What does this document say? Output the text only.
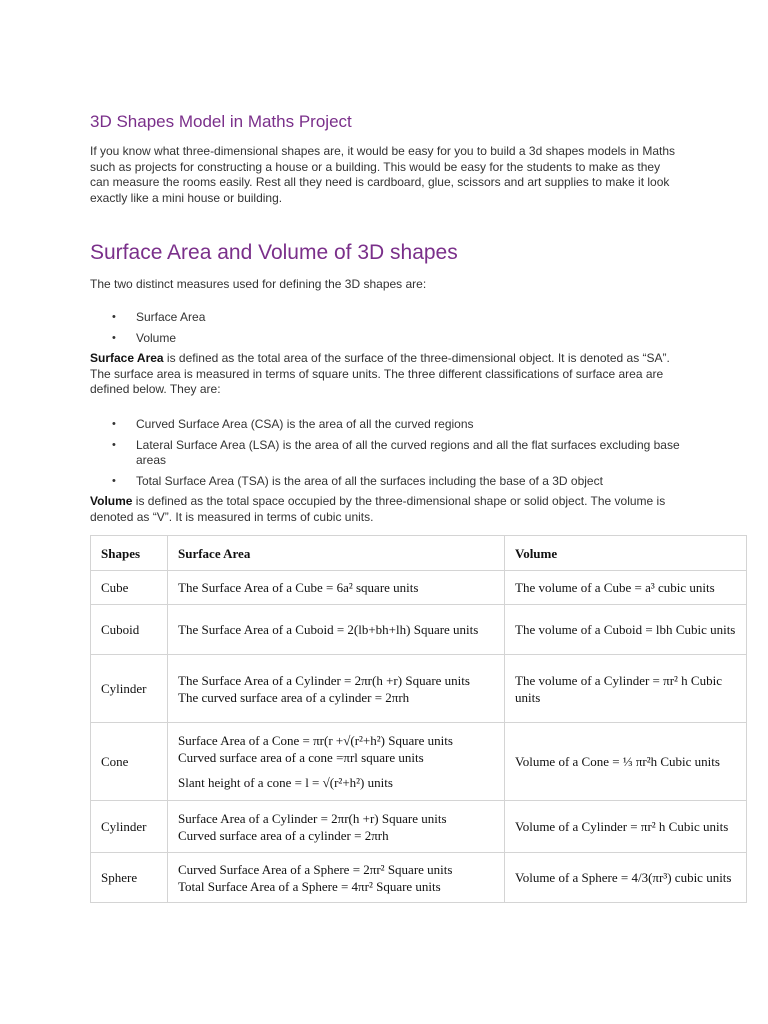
3D Shapes Model in Maths Project

If you know what three-dimensional shapes are, it would be easy for you to build a 3d shapes models in Maths such as projects for constructing a house or a building. This would be easy for the students to make as they can measure the rooms easily. Rest all they need is cardboard, glue, scissors and art supplies to make it look exactly like a mini house or building.

Surface Area and Volume of 3D shapes

The two distinct measures used for defining the 3D shapes are:

• Surface Area
• Volume

Surface Area is defined as the total area of the surface of the three-dimensional object. It is denoted as “SA”. The surface area is measured in terms of square units. The three different classifications of surface area are defined below. They are:

• Curved Surface Area (CSA) is the area of all the curved regions
• Lateral Surface Area (LSA) is the area of all the curved regions and all the flat surfaces excluding base areas
• Total Surface Area (TSA) is the area of all the surfaces including the base of a 3D object

Volume is defined as the total space occupied by the three-dimensional shape or solid object. The volume is denoted as “V”. It is measured in terms of cubic units.

Shapes	Surface Area	Volume
Cube	The Surface Area of a Cube = 6a² square units	The volume of a Cube = a³ cubic units
Cuboid	The Surface Area of a Cuboid = 2(lb+bh+lh) Square units	The volume of a Cuboid = lbh Cubic units
Cylinder	The Surface Area of a Cylinder = 2πr(h +r) Square units
The curved surface area of a cylinder = 2πrh	The volume of a Cylinder = πr² h Cubic units
Cone	Surface Area of a Cone = πr(r +√(r²+h²) Square units
Curved surface area of a cone =πrl square units
Slant height of a cone = l = √(r²+h²) units	Volume of a Cone = ⅓ πr²h Cubic units
Cylinder	Surface Area of a Cylinder = 2πr(h +r) Square units
Curved surface area of a cylinder = 2πrh	Volume of a Cylinder = πr² h Cubic units
Sphere	Curved Surface Area of a Sphere = 2πr² Square units
Total Surface Area of a Sphere = 4πr² Square units	Volume of a Sphere = 4/3(πr³) cubic units
